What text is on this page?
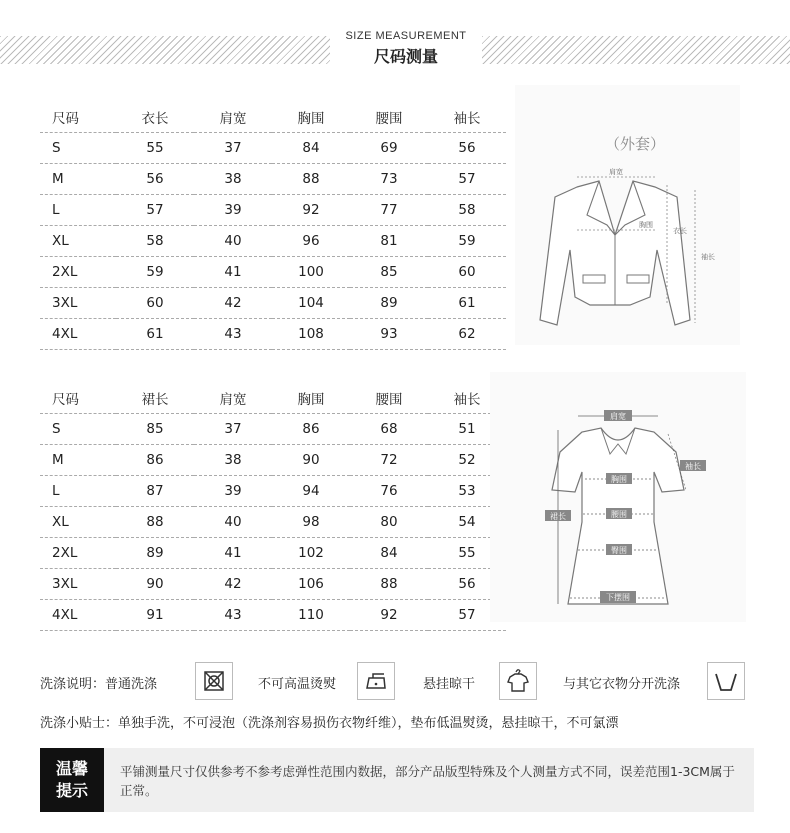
SIZE MEASUREMENT
尺码测量
尺码	衣长	肩宽	胸围	腰围	袖长
S	55	37	84	69	56
M	56	38	88	73	57
L	57	39	92	77	58
XL	58	40	96	81	59
2XL	59	41	100	85	60
3XL	60	42	104	89	61
4XL	61	43	108	93	62
尺码	裙长	肩宽	胸围	腰围	袖长
S	85	37	86	68	51
M	86	38	90	72	52
L	87	39	94	76	53
XL	88	40	98	80	54
2XL	89	41	102	84	55
3XL	90	42	106	88	56
4XL	91	43	110	92	57
（外套）
肩宽
胸围
衣长
袖长
肩宽
袖长
胸围
腰围
臀围
下摆围
裙长
洗涤说明：普通洗涤	不可高温烫熨	悬挂晾干	与其它衣物分开洗涤
洗涤小贴士：单独手洗，不可浸泡（洗涤剂容易损伤衣物纤维），垫布低温熨烫，悬挂晾干，不可氯漂
温馨
提示
平铺测量尺寸仅供参考不参考虑弹性范围内数据，部分产品版型特殊及个人测量方式不同，误差范围1-3CM属于正常。
